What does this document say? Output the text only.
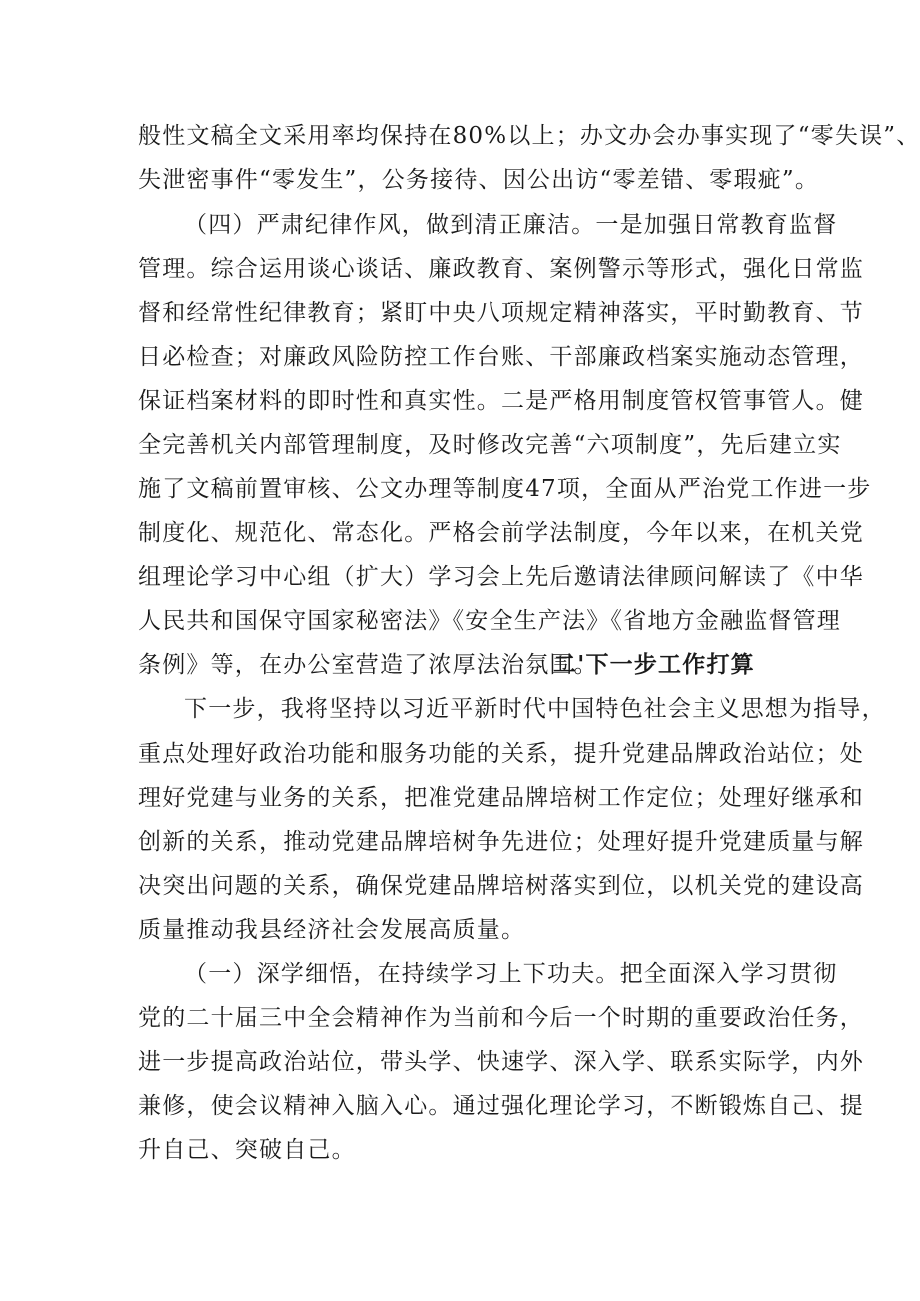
般性文稿全文采用率均保持在80%以上；办文办会办事实现了“零失误”、
失泄密事件“零发生”，公务接待、因公出访“零差错、零瑕疵”。
（四）严肃纪律作风，做到清正廉洁。一是加强日常教育监督
管理。综合运用谈心谈话、廉政教育、案例警示等形式，强化日常监
督和经常性纪律教育；紧盯中央八项规定精神落实，平时勤教育、节
日必检查；对廉政风险防控工作台账、干部廉政档案实施动态管理，
保证档案材料的即时性和真实性。二是严格用制度管权管事管人。健
全完善机关内部管理制度，及时修改完善“六项制度”，先后建立实
施了文稿前置审核、公文办理等制度47项，全面从严治党工作进一步
制度化、规范化、常态化。严格会前学法制度，今年以来，在机关党
组理论学习中心组（扩大）学习会上先后邀请法律顾问解读了《中华
人民共和国保守国家秘密法》《安全生产法》《省地方金融监督管理
条例》等，在办公室营造了浓厚法治氛围。
二'下一步工作打算
下一步，我将坚持以习近平新时代中国特色社会主义思想为指导，
重点处理好政治功能和服务功能的关系，提升党建品牌政治站位；处
理好党建与业务的关系，把准党建品牌培树工作定位；处理好继承和
创新的关系，推动党建品牌培树争先进位；处理好提升党建质量与解
决突出问题的关系，确保党建品牌培树落实到位，以机关党的建设高
质量推动我县经济社会发展高质量。
（一）深学细悟，在持续学习上下功夫。把全面深入学习贯彻
党的二十届三中全会精神作为当前和今后一个时期的重要政治任务，
进一步提高政治站位，带头学、快速学、深入学、联系实际学，内外
兼修，使会议精神入脑入心。通过强化理论学习，不断锻炼自己、提
升自己、突破自己。
